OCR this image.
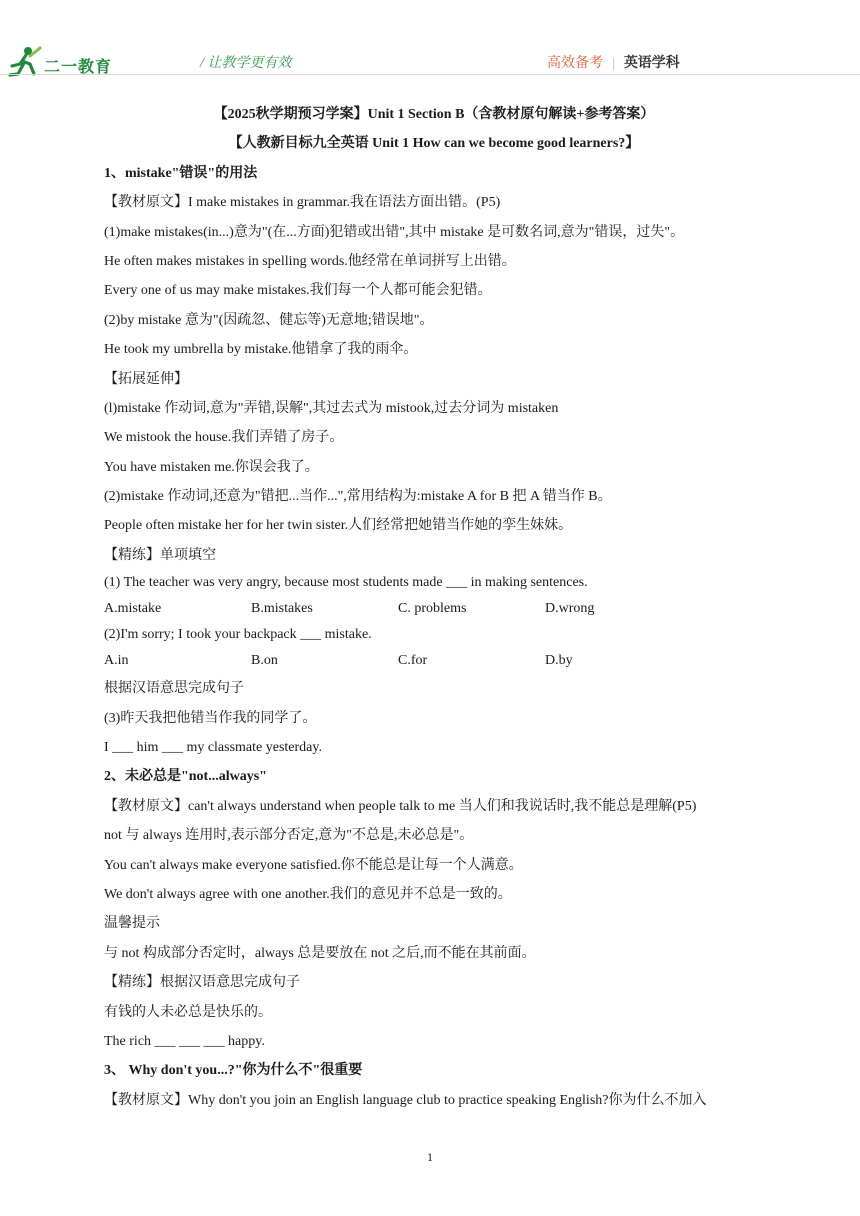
二一教育	/ 让教学更有效	高效备考 | 英语学科
【2025秋学期预习学案】Unit 1 Section B（含教材原句解读+参考答案）
【人教新目标九全英语 Unit 1 How can we become good learners?】
1、mistake"错误"的用法
【教材原文】I make mistakes in grammar.我在语法方面出错。(P5)
(1)make mistakes(in...)意为"(在...方面)犯错或出错",其中 mistake 是可数名词,意为"错误，过失"。
He often makes mistakes in spelling words.他经常在单词拼写上出错。
Every one of us may make mistakes.我们每一个人都可能会犯错。
(2)by mistake 意为"(因疏忽、健忘等)无意地;错误地"。
He took my umbrella by mistake.他错拿了我的雨伞。
【拓展延伸】
(l)mistake 作动词,意为"弄错,误解",其过去式为 mistook,过去分词为 mistaken
We mistook the house.我们弄错了房子。
You have mistaken me.你误会我了。
(2)mistake 作动词,还意为"错把...当作...",常用结构为:mistake A for B 把 A 错当作 B。
People often mistake her for her twin sister.人们经常把她错当作她的孪生妹妹。
【精练】单项填空
(1) The teacher was very angry, because most students made ___ in making sentences.
A.mistake	B.mistakes	C. problems	D.wrong
(2)I'm sorry; I took your backpack ___ mistake.
A.in	B.on	C.for	D.by
根据汉语意思完成句子
(3)昨天我把他错当作我的同学了。
I ___ him ___ my classmate yesterday.
2、未必总是"not...always"
【教材原文】can't always understand when people talk to me 当人们和我说话时,我不能总是理解(P5)
not 与 always 连用时,表示部分否定,意为"不总是,未必总是"。
You can't always make everyone satisfied.你不能总是让每一个人满意。
We don't always agree with one another.我们的意见并不总是一致的。
温馨提示
与 not 构成部分否定时，always 总是要放在 not 之后,而不能在其前面。
【精练】根据汉语意思完成句子
有钱的人未必总是快乐的。
The rich ___ ___ ___ happy.
3、 Why don't you...?"你为什么不"很重要
【教材原文】Why don't you join an English language club to practice speaking English?你为什么不加入
1
